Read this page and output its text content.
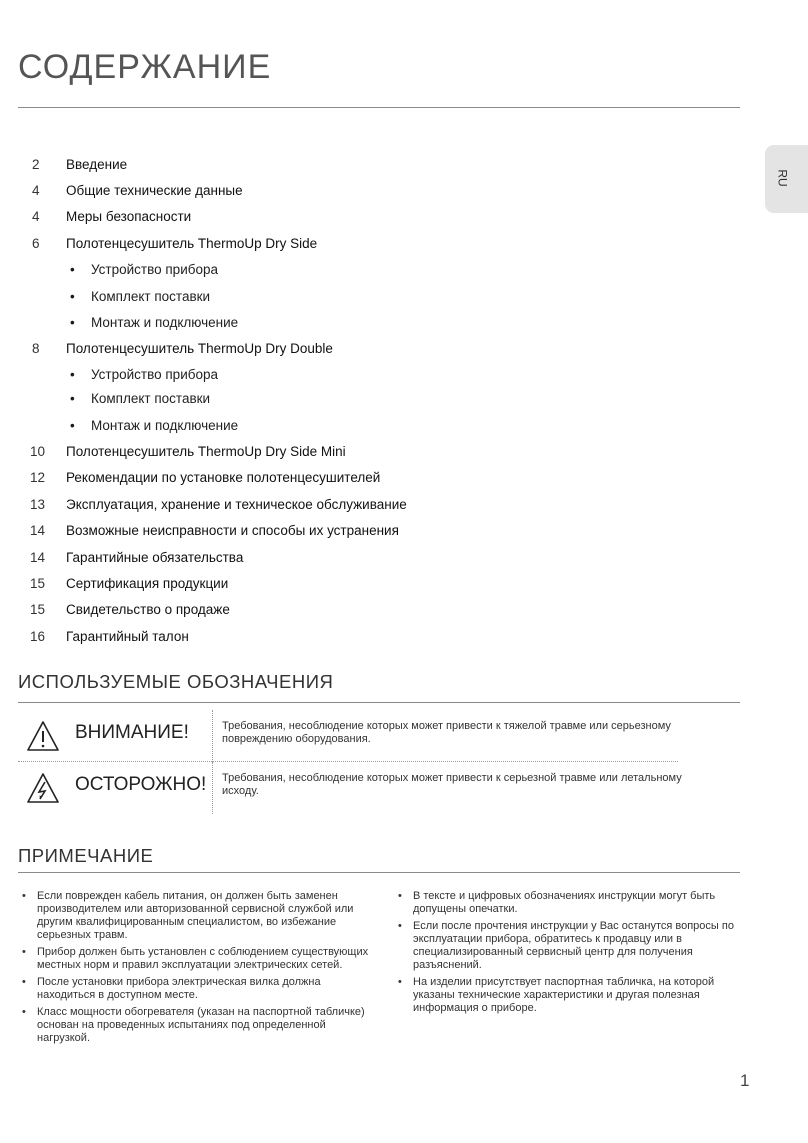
СОДЕРЖАНИЕ
RU
2 Введение
4 Общие технические данные
4 Меры безопасности
6 Полотенцесушитель ThermoUp Dry Side
• Устройство прибора
• Комплект поставки
• Монтаж и подключение
8 Полотенцесушитель ThermoUp Dry Double
• Устройство прибора
• Комплект поставки
• Монтаж и подключение
10 Полотенцесушитель ThermoUp Dry Side Mini
12 Рекомендации по установке полотенцесушителей
13 Эксплуатация, хранение и техническое обслуживание
14 Возможные неисправности и способы их устранения
14 Гарантийные обязательства
15 Сертификация продукции
15 Свидетельство о продаже
16 Гарантийный талон
ИСПОЛЬЗУЕМЫЕ ОБОЗНАЧЕНИЯ
ВНИМАНИЕ!	Требования, несоблюдение которых может привести к тяжелой травме или серьезному повреждению оборудования.
ОСТОРОЖНО! Требования, несоблюдение которых может привести к серьезной травме или летальному исходу.
ПРИМЕЧАНИЕ
• Если поврежден кабель питания, он должен быть заменен производителем или авторизованной сервисной службой или другим квалифицированным специалистом, во избежание серьезных травм.
• Прибор должен быть установлен с соблюдением существующих местных норм и правил эксплуатации электрических сетей.
• После установки прибора электрическая вилка должна находиться в доступном месте.
• Класс мощности обогревателя (указан на паспортной табличке) основан на проведенных испытаниях под определенной нагрузкой.
• В тексте и цифровых обозначениях инструкции могут быть допущены опечатки.
• Если после прочтения инструкции у Вас останутся вопросы по эксплуатации прибора, обратитесь к продавцу или в специализированный сервисный центр для получения разъяснений.
• На изделии присутствует паспортная табличка, на которой указаны технические характеристики и другая полезная информация о приборе.
1
